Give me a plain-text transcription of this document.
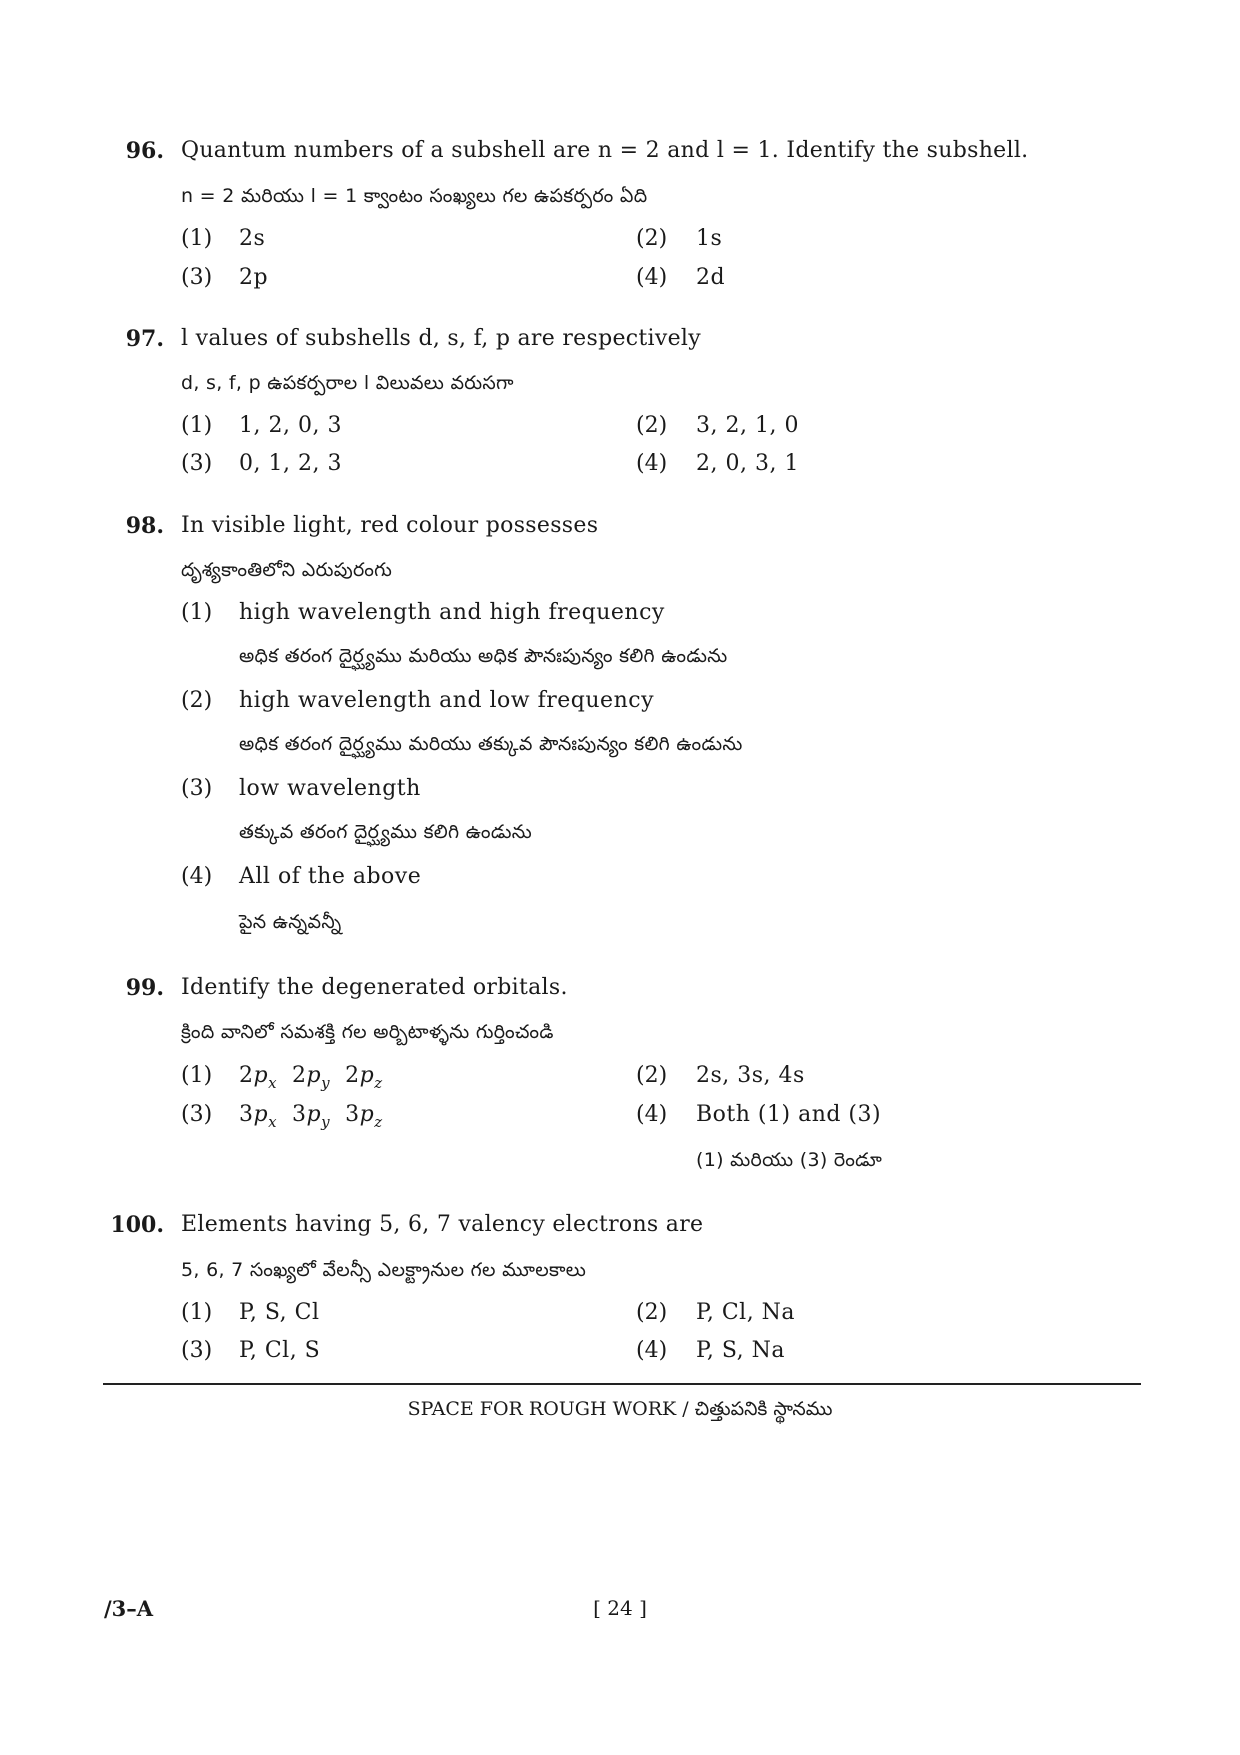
96. Quantum numbers of a subshell are n = 2 and l = 1. Identify the subshell.
n = 2 మరియు l = 1 క్వాంటం సంఖ్యలు గల ఉపకర్పరం ఏది
(1)	2s	(2)	1s
(3)	2p	(4)	2d
97. l values of subshells d, s, f, p are respectively
d, s, f, p ఉపకర్పరాల l విలువలు వరుసగా
(1)	1, 2, 0, 3	(2)	3, 2, 1, 0
(3)	0, 1, 2, 3	(4)	2, 0, 3, 1
98. In visible light, red colour possesses
దృశ్యకాంతిలోని ఎరుపురంగు
(1)	high wavelength and high frequency
అధిక తరంగ దైర్ఘ్యము మరియు అధిక పౌనఃపున్యం కలిగి ఉండును
(2)	high wavelength and low frequency
అధిక తరంగ దైర్ఘ్యము మరియు తక్కువ పౌనఃపున్యం కలిగి ఉండును
(3)	low wavelength
తక్కువ తరంగ దైర్ఘ్యము కలిగి ఉండును
(4)	All of the above
పైన ఉన్నవన్నీ
99. Identify the degenerated orbitals.
క్రింది వానిలో సమశక్తి గల అర్బిటాళ్ళను గుర్తించండి
(1)	$2p_x$  $2p_y$  $2p_z$	(2)	2s, 3s, 4s
(3)	$3p_x$  $3p_y$  $3p_z$	(4)	Both (1) and (3)
(1) మరియు (3) రెండూ
100. Elements having 5, 6, 7 valency electrons are
5, 6, 7 సంఖ్యలో వేలన్సీ ఎలక్ట్రానుల గల మూలకాలు
(1)	P, S, Cl	(2)	P, Cl, Na
(3)	P, Cl, S	(4)	P, S, Na
SPACE FOR ROUGH WORK / చిత్తుపనికి స్థానము
/3–A	[ 24 ]
